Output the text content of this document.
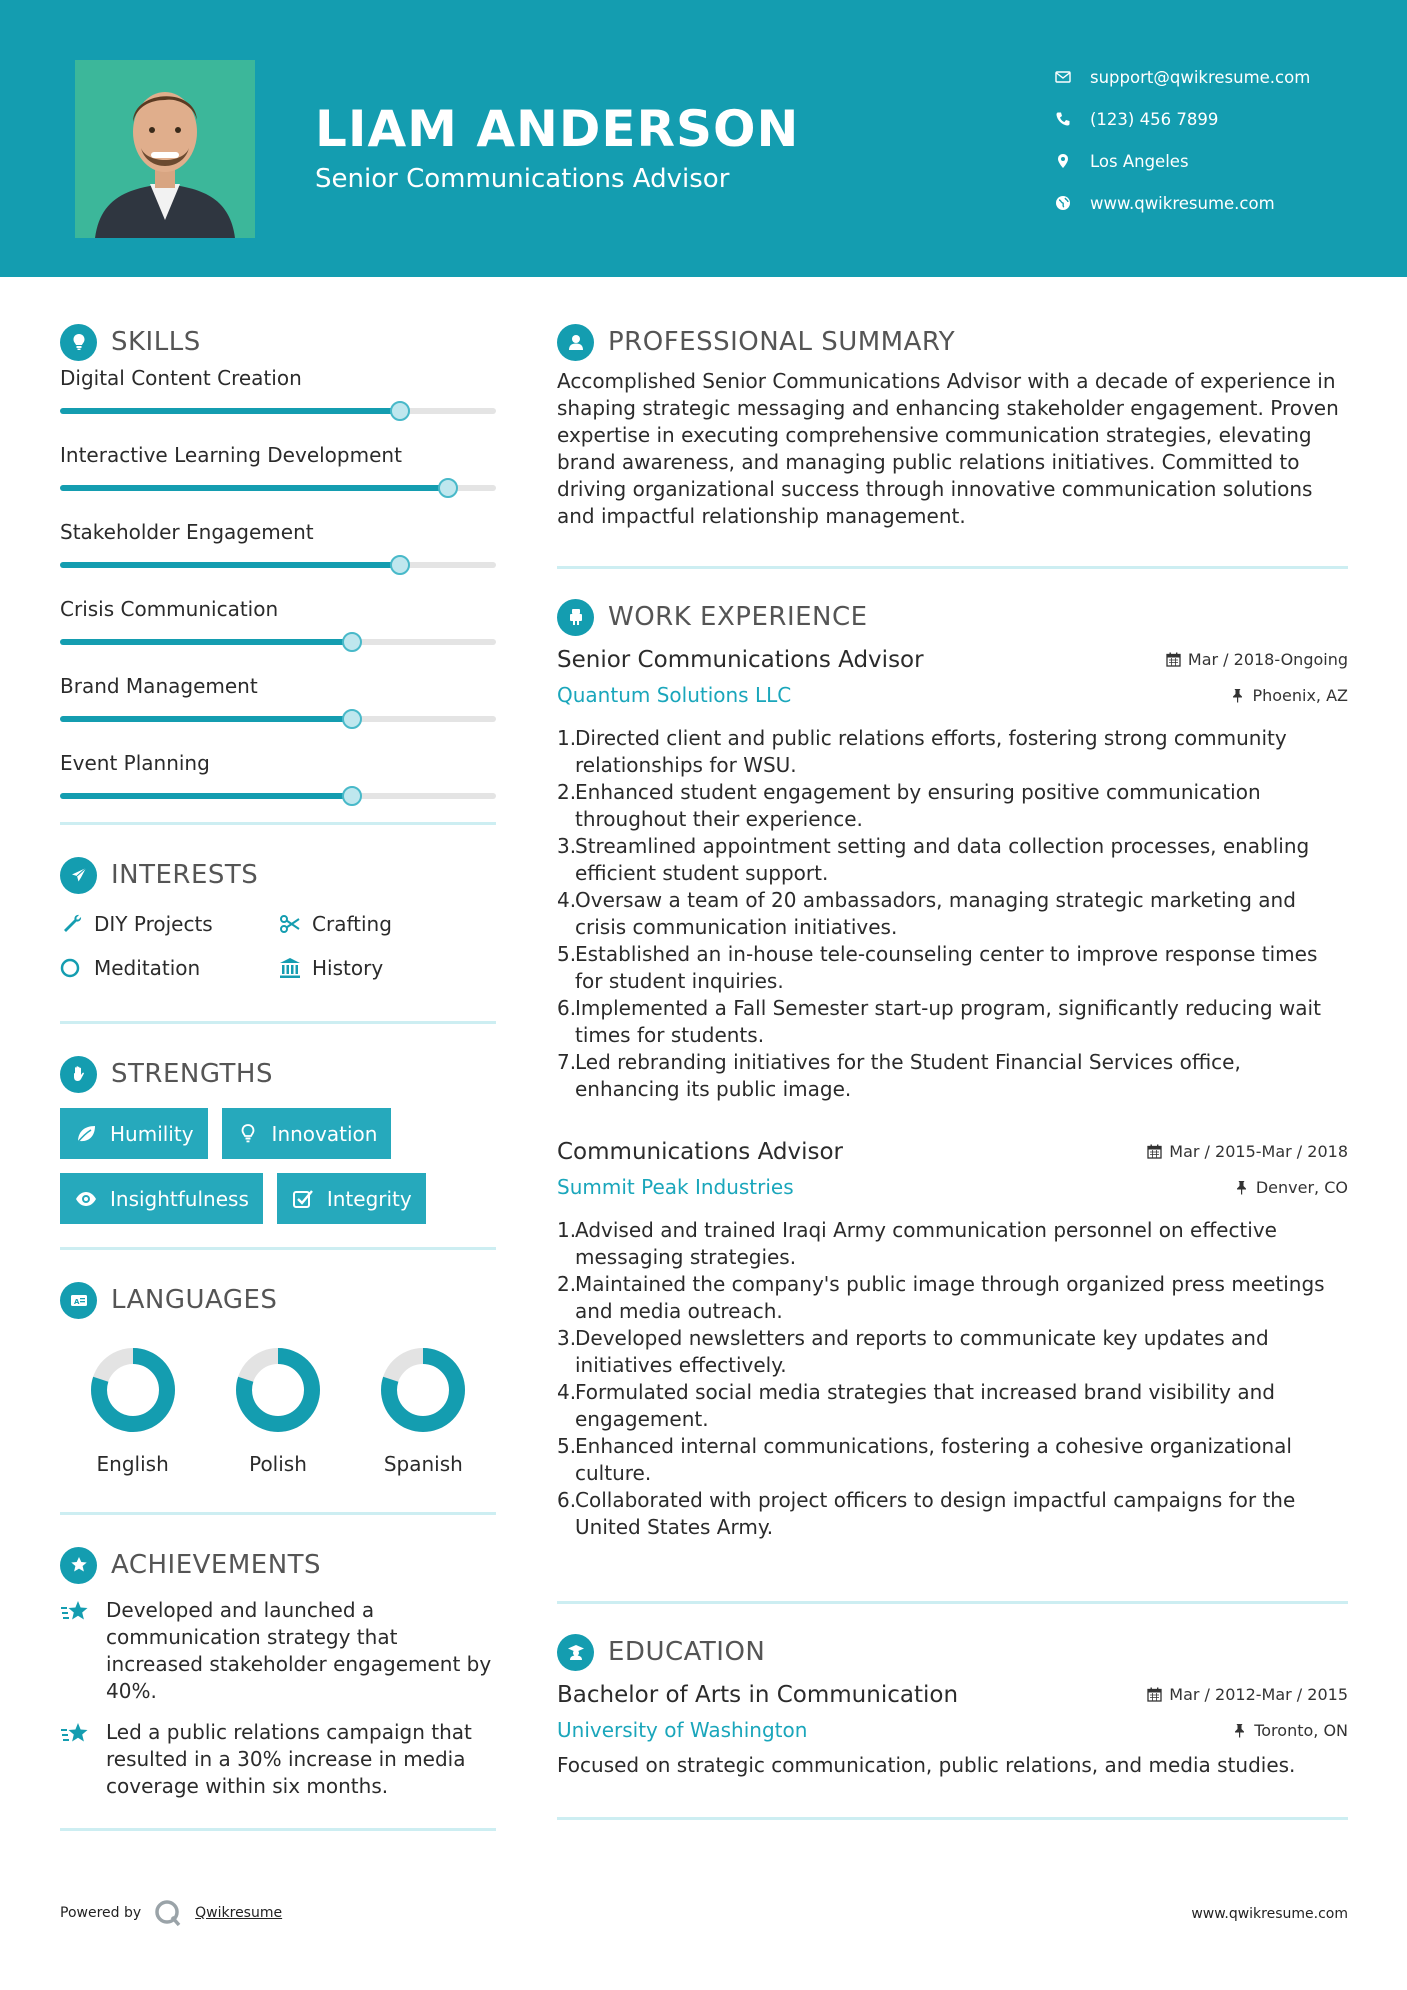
LIAM ANDERSON
Senior Communications Advisor
support@qwikresume.com
(123) 456 7899
Los Angeles
www.qwikresume.com
SKILLS
Digital Content Creation
Interactive Learning Development
Stakeholder Engagement
Crisis Communication
Brand Management
Event Planning
INTERESTS
DIY Projects	Crafting
Meditation	History
STRENGTHS
Humility	Innovation
Insightfulness	Integrity
A LANGUAGES
English	Polish	Spanish
ACHIEVEMENTS
Developed and launched a communication strategy that increased stakeholder engagement by 40%.
Led a public relations campaign that resulted in a 30% increase in media coverage within six months.
PROFESSIONAL SUMMARY

Accomplished Senior Communications Advisor with a decade of experience in shaping strategic messaging and enhancing stakeholder engagement. Proven expertise in executing comprehensive communication strategies, elevating brand awareness, and managing public relations initiatives. Committed to driving organizational success through innovative communication solutions and impactful relationship management.

WORK EXPERIENCE
Senior Communications Advisor	Mar / 2018-Ongoing
Quantum Solutions LLC	Phoenix, AZ
1.
Directed client and public relations efforts, fostering strong community relationships for WSU.
2.
Enhanced student engagement by ensuring positive communication throughout their experience.
3.
Streamlined appointment setting and data collection processes, enabling efficient student support.
4.
Oversaw a team of 20 ambassadors, managing strategic marketing and crisis communication initiatives.
5.
Established an in-house tele-counseling center to improve response times for student inquiries.
6.
Implemented a Fall Semester start-up program, significantly reducing wait times for students.
7.
Led rebranding initiatives for the Student Financial Services office, enhancing its public image.
Communications Advisor	Mar / 2015-Mar / 2018
Summit Peak Industries	Denver, CO
1.
Advised and trained Iraqi Army communication personnel on effective messaging strategies.
2.
Maintained the company's public image through organized press meetings and media outreach.
3.
Developed newsletters and reports to communicate key updates and initiatives effectively.
4.
Formulated social media strategies that increased brand visibility and engagement.
5.
Enhanced internal communications, fostering a cohesive organizational culture.
6.
Collaborated with project officers to design impactful campaigns for the United States Army.
EDUCATION
Bachelor of Arts in Communication	Mar / 2012-Mar / 2015
University of Washington	Toronto, ON

Focused on strategic communication, public relations, and media studies.

Powered by	Qwikresume	www.qwikresume.com
